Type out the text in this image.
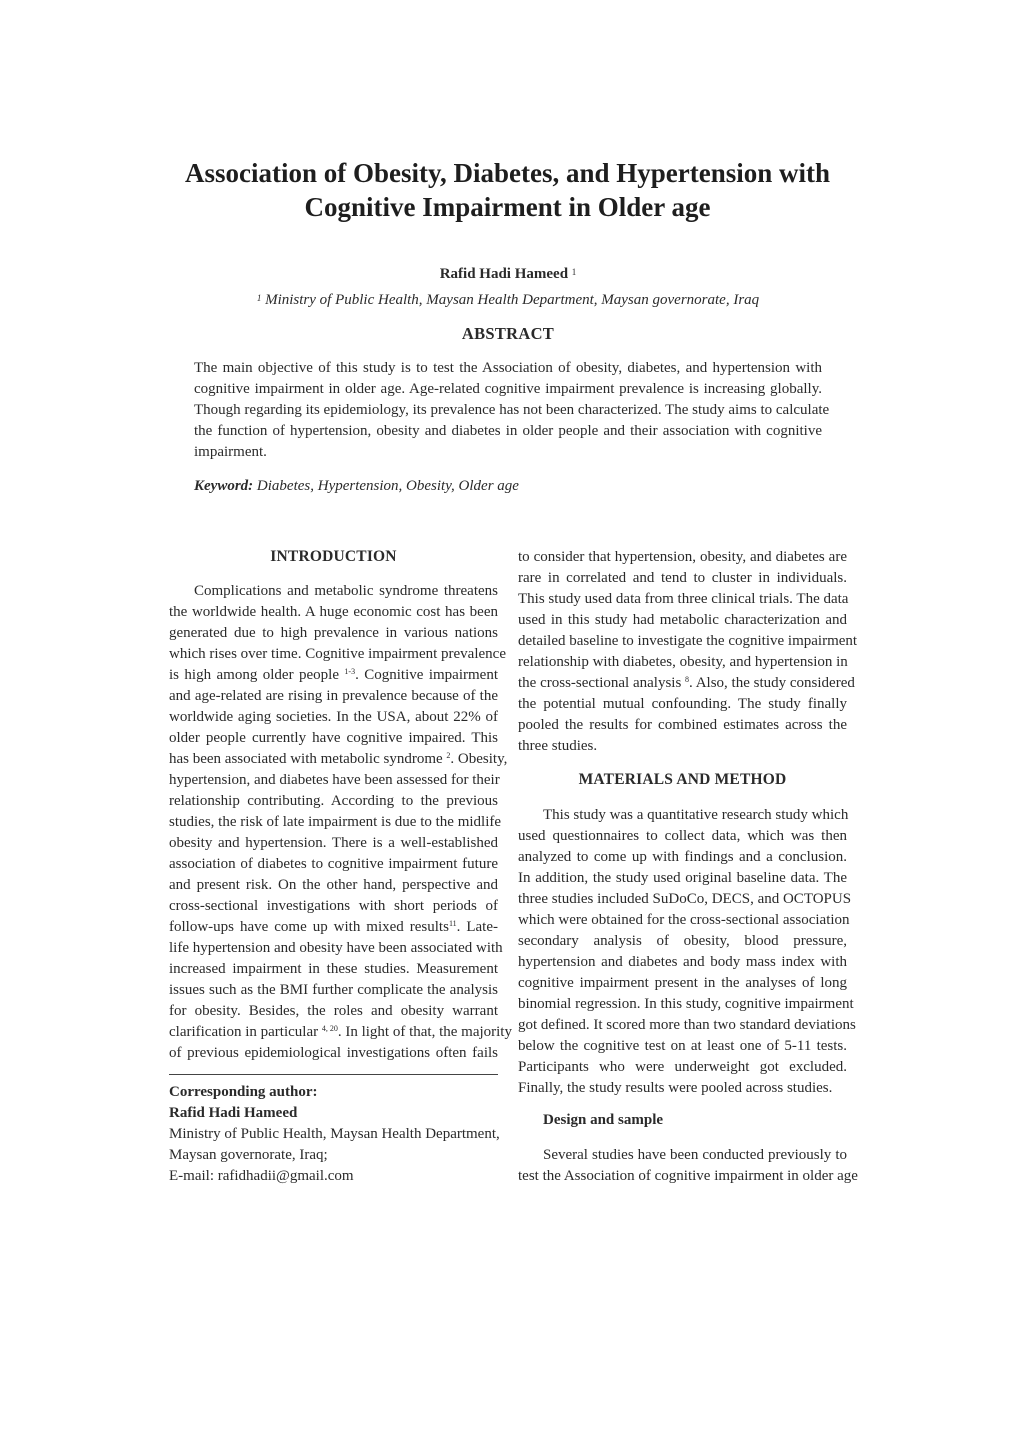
Association of Obesity, Diabetes, and Hypertension with
Cognitive Impairment in Older age
Rafid Hadi Hameed $^1$
$^1$ Ministry of Public Health, Maysan Health Department, Maysan governorate, Iraq
ABSTRACT
The main objective of this study is to test the Association of obesity, diabetes, and hypertension with
cognitive impairment in older age. Age-related cognitive impairment prevalence is increasing globally.
Though regarding its epidemiology, its prevalence has not been characterized. The study aims to calculate
the function of hypertension, obesity and diabetes in older people and their association with cognitive
impairment.
Keyword: Diabetes, Hypertension, Obesity, Older age
INTRODUCTION
Complications and metabolic syndrome threatens
the worldwide health. A huge economic cost has been
generated due to high prevalence in various nations
which rises over time. Cognitive impairment prevalence
is high among older people $^{1-3}$. Cognitive impairment
and age-related are rising in prevalence because of the
worldwide aging societies. In the USA, about 22% of
older people currently have cognitive impaired. This
has been associated with metabolic syndrome $^2$. Obesity,
hypertension, and diabetes have been assessed for their
relationship contributing. According to the previous
studies, the risk of late impairment is due to the midlife
obesity and hypertension. There is a well-established
association of diabetes to cognitive impairment future
and present risk. On the other hand, perspective and
cross-sectional investigations with short periods of
follow-ups have come up with mixed results$^{11}$. Late-
life hypertension and obesity have been associated with
increased impairment in these studies. Measurement
issues such as the BMI further complicate the analysis
for obesity. Besides, the roles and obesity warrant
clarification in particular $^{4, 20}$. In light of that, the majority
of previous epidemiological investigations often fails
Corresponding author:
Rafid Hadi Hameed
Ministry of Public Health, Maysan Health Department,
Maysan governorate, Iraq;
E-mail: rafidhadii@gmail.com
to consider that hypertension, obesity, and diabetes are
rare in correlated and tend to cluster in individuals.
This study used data from three clinical trials. The data
used in this study had metabolic characterization and
detailed baseline to investigate the cognitive impairment
relationship with diabetes, obesity, and hypertension in
the cross-sectional analysis $^8$. Also, the study considered
the potential mutual confounding. The study finally
pooled the results for combined estimates across the
three studies.
MATERIALS AND METHOD
This study was a quantitative research study which
used questionnaires to collect data, which was then
analyzed to come up with findings and a conclusion.
In addition, the study used original baseline data. The
three studies included SuDoCo, DECS, and OCTOPUS
which were obtained for the cross-sectional association
secondary analysis of obesity, blood pressure,
hypertension and diabetes and body mass index with
cognitive impairment present in the analyses of long
binomial regression. In this study, cognitive impairment
got defined. It scored more than two standard deviations
below the cognitive test on at least one of 5-11 tests.
Participants who were underweight got excluded.
Finally, the study results were pooled across studies.
Design and sample
Several studies have been conducted previously to
test the Association of cognitive impairment in older age
